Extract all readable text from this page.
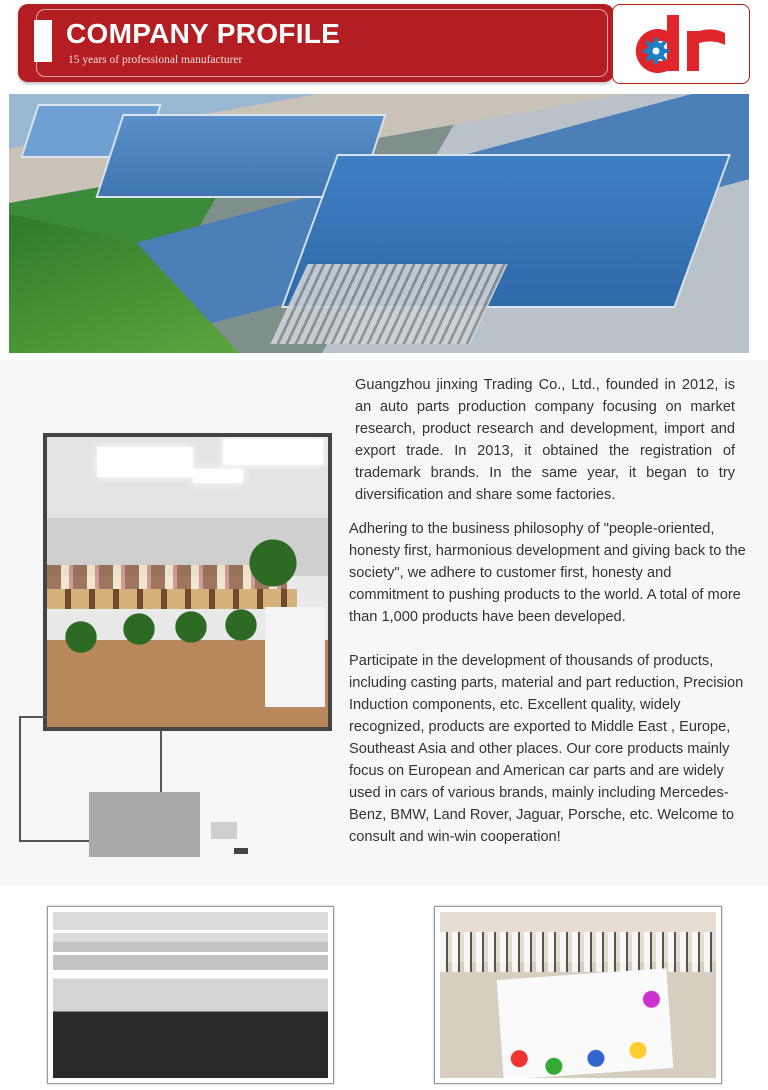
COMPANY PROFILE
15 years of professional manufacturer
Guangzhou jinxing Trading Co., Ltd., founded in 2012, is an auto parts production company focusing on market research, product research and development, import and export trade. In 2013, it obtained the registration of trademark brands. In the same year, it began to try diversification and share some factories.
Adhering to the business philosophy of "people-oriented, honesty first, harmonious development and giving back to the society", we adhere to customer first, honesty and commitment to pushing products to the world. A total of more than 1,000 products have been developed.
Participate in the development of thousands of products, including casting parts, material and part reduction, Precision Induction components, etc. Excellent quality, widely recognized, products are exported to Middle East , Europe, Southeast Asia and other places. Our core products mainly focus on European and American car parts and are widely used in cars of various brands, mainly including Mercedes-Benz, BMW, Land Rover, Jaguar, Porsche, etc. Welcome to consult and win-win cooperation!
